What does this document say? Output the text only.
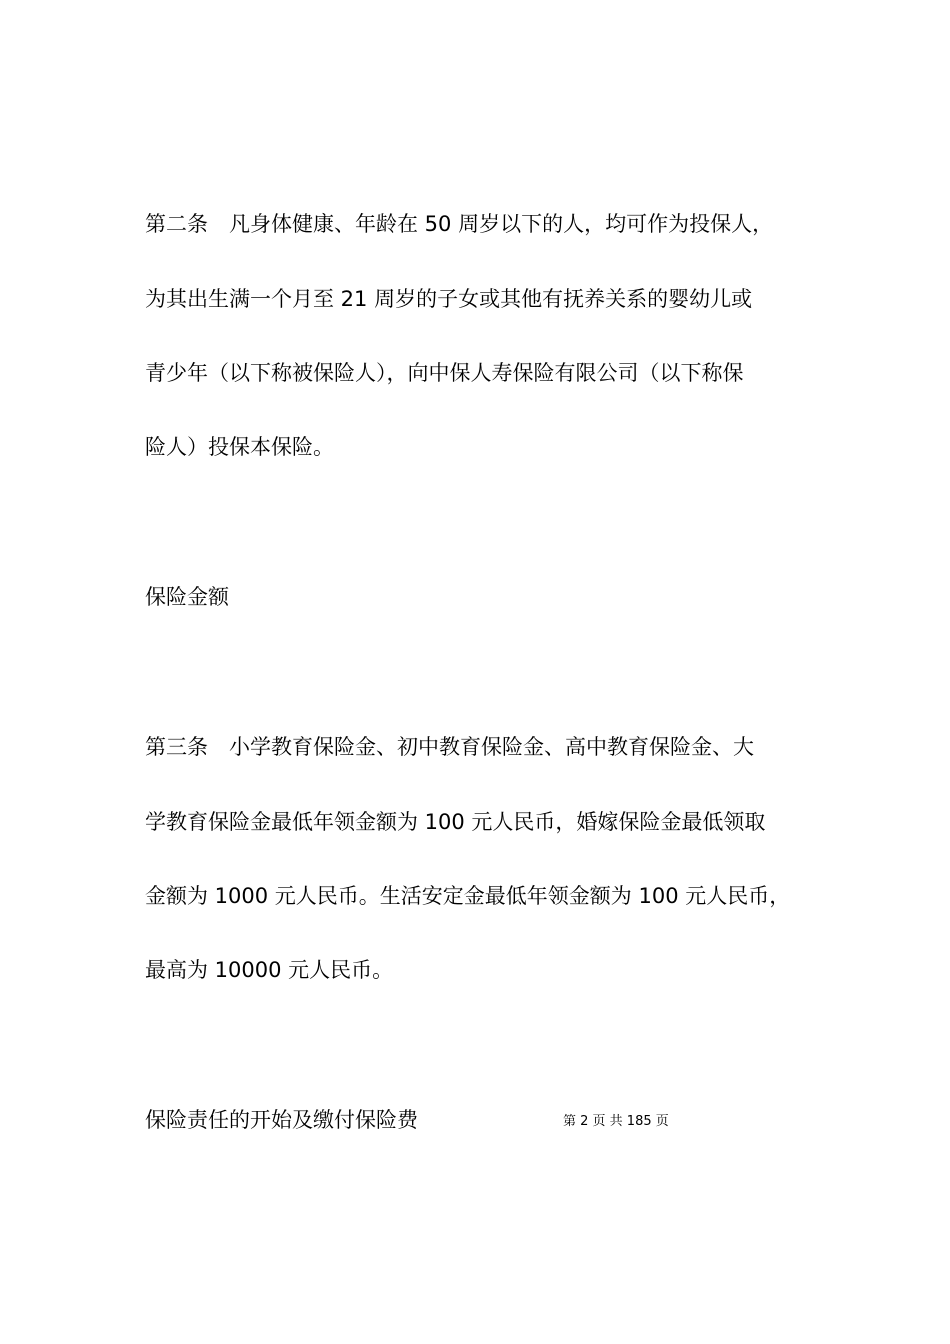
第二条　凡身体健康、年龄在 50 周岁以下的人，均可作为投保人，
为其出生满一个月至 21 周岁的子女或其他有抚养关系的婴幼儿或
青少年（以下称被保险人），向中保人寿保险有限公司（以下称保
险人）投保本保险。
保险金额
第三条　小学教育保险金、初中教育保险金、高中教育保险金、大
学教育保险金最低年领金额为 100 元人民币，婚嫁保险金最低领取
金额为 1000 元人民币。生活安定金最低年领金额为 100 元人民币，
最高为 10000 元人民币。
保险责任的开始及缴付保险费	第 2 页 共 185 页
